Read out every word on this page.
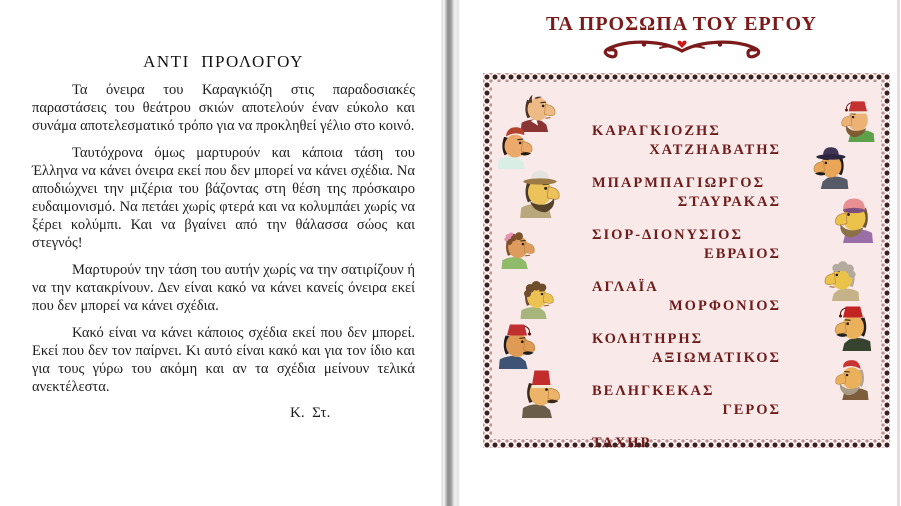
ΑΝΤΙ  ΠΡΟΛΟΓΟΥ

Τα όνειρα του Καραγκιόζη στις παραδοσιακές παραστάσεις του θεάτρου σκιών αποτελούν έναν εύκολο και συνάμα αποτελεσματικό τρόπο για να προκληθεί γέλιο στο κοινό.

Ταυτόχρονα όμως μαρτυρούν και κάποια τάση του Έλληνα να κάνει όνειρα εκεί που δεν μπορεί να κάνει σχέδια. Να αποδιώχνει την μιζέρια του βάζοντας στη θέση της πρόσκαιρο ευδαιμονισμό. Να πετάει χωρίς φτερά και να κολυμπάει χωρίς να ξέρει κολύμπι. Και να βγαίνει από την θάλασσα σώος και στεγνός!

Μαρτυρούν την τάση του αυτήν χωρίς να την σατιρίζουν ή να την κατακρίνουν. Δεν είναι κακό να κάνει κανείς όνειρα εκεί που δεν μπορεί να κάνει σχέδια.

Κακό είναι να κάνει κάποιος σχέδια εκεί που δεν μπορεί. Εκεί που δεν τον παίρνει. Κι αυτό είναι κακό και για τον ίδιο και για τους γύρω του ακόμη και αν τα σχέδια μείνουν τελικά ανεκτέλεστα.

Κ.  Στ.
ΤΑ ΠΡΟΣΩΠΑ ΤΟΥ ΕΡΓΟΥ
ΚΑΡΑΓΚΙΟΖΗΣ
ΧΑΤΖΗΑΒΑΤΗΣ
ΜΠΑΡΜΠΑΓΙΩΡΓΟΣ
ΣΤΑΥΡΑΚΑΣ
ΣΙΟΡ-ΔΙΟΝΥΣΙΟΣ
ΕΒΡΑΙΟΣ
ΑΓΛΑΪΑ
ΜΟΡΦΟΝΙΟΣ
ΚΟΛΗΤΗΡΗΣ
ΑΞΙΩΜΑΤΙΚΟΣ
ΒΕΛΗΓΚΕΚΑΣ
ΓΕΡΟΣ
ΤΑΧΗΡ
